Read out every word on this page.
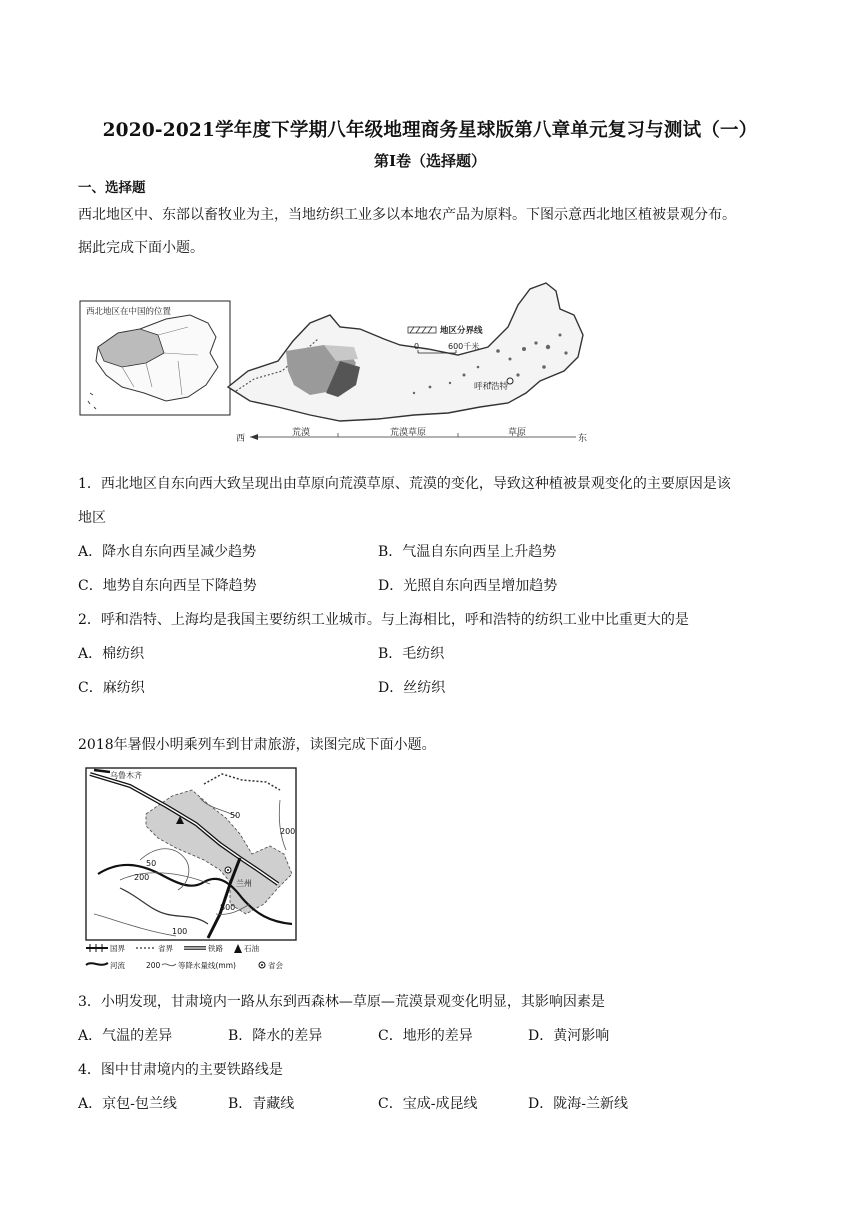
2020-2021学年度下学期八年级地理商务星球版第八章单元复习与测试（一）
第Ⅰ卷（选择题）
一、选择题
西北地区中、东部以畜牧业为主，当地纺织工业多以本地农产品为原料。下图示意西北地区植被景观分布。
据此完成下面小题。
西北地区在中国的位置
地区分界线
0	600千米
呼和浩特
西	东
荒漠	荒漠草原	草原
1．西北地区自东向西大致呈现出由草原向荒漠草原、荒漠的变化，导致这种植被景观变化的主要原因是该
地区
A．降水自东向西呈减少趋势	B．气温自东向西呈上升趋势
C．地势自东向西呈下降趋势	D．光照自东向西呈增加趋势
2．呼和浩特、上海均是我国主要纺织工业城市。与上海相比，呼和浩特的纺织工业中比重更大的是
A．棉纺织	B．毛纺织
C．麻纺织	D．丝纺织
2018年暑假小明乘列车到甘肃旅游，读图完成下面小题。
乌鲁木齐
50
50
200
200
800
100
兰州
国界	省界	铁路	石油
河流	200 等降水量线(mm)	省会
3．小明发现，甘肃境内一路从东到西森林—草原—荒漠景观变化明显，其影响因素是
A．气温的差异	B．降水的差异	C．地形的差异	D．黄河影响
4．图中甘肃境内的主要铁路线是
A．京包-包兰线	B．青藏线	C．宝成-成昆线	D．陇海-兰新线
